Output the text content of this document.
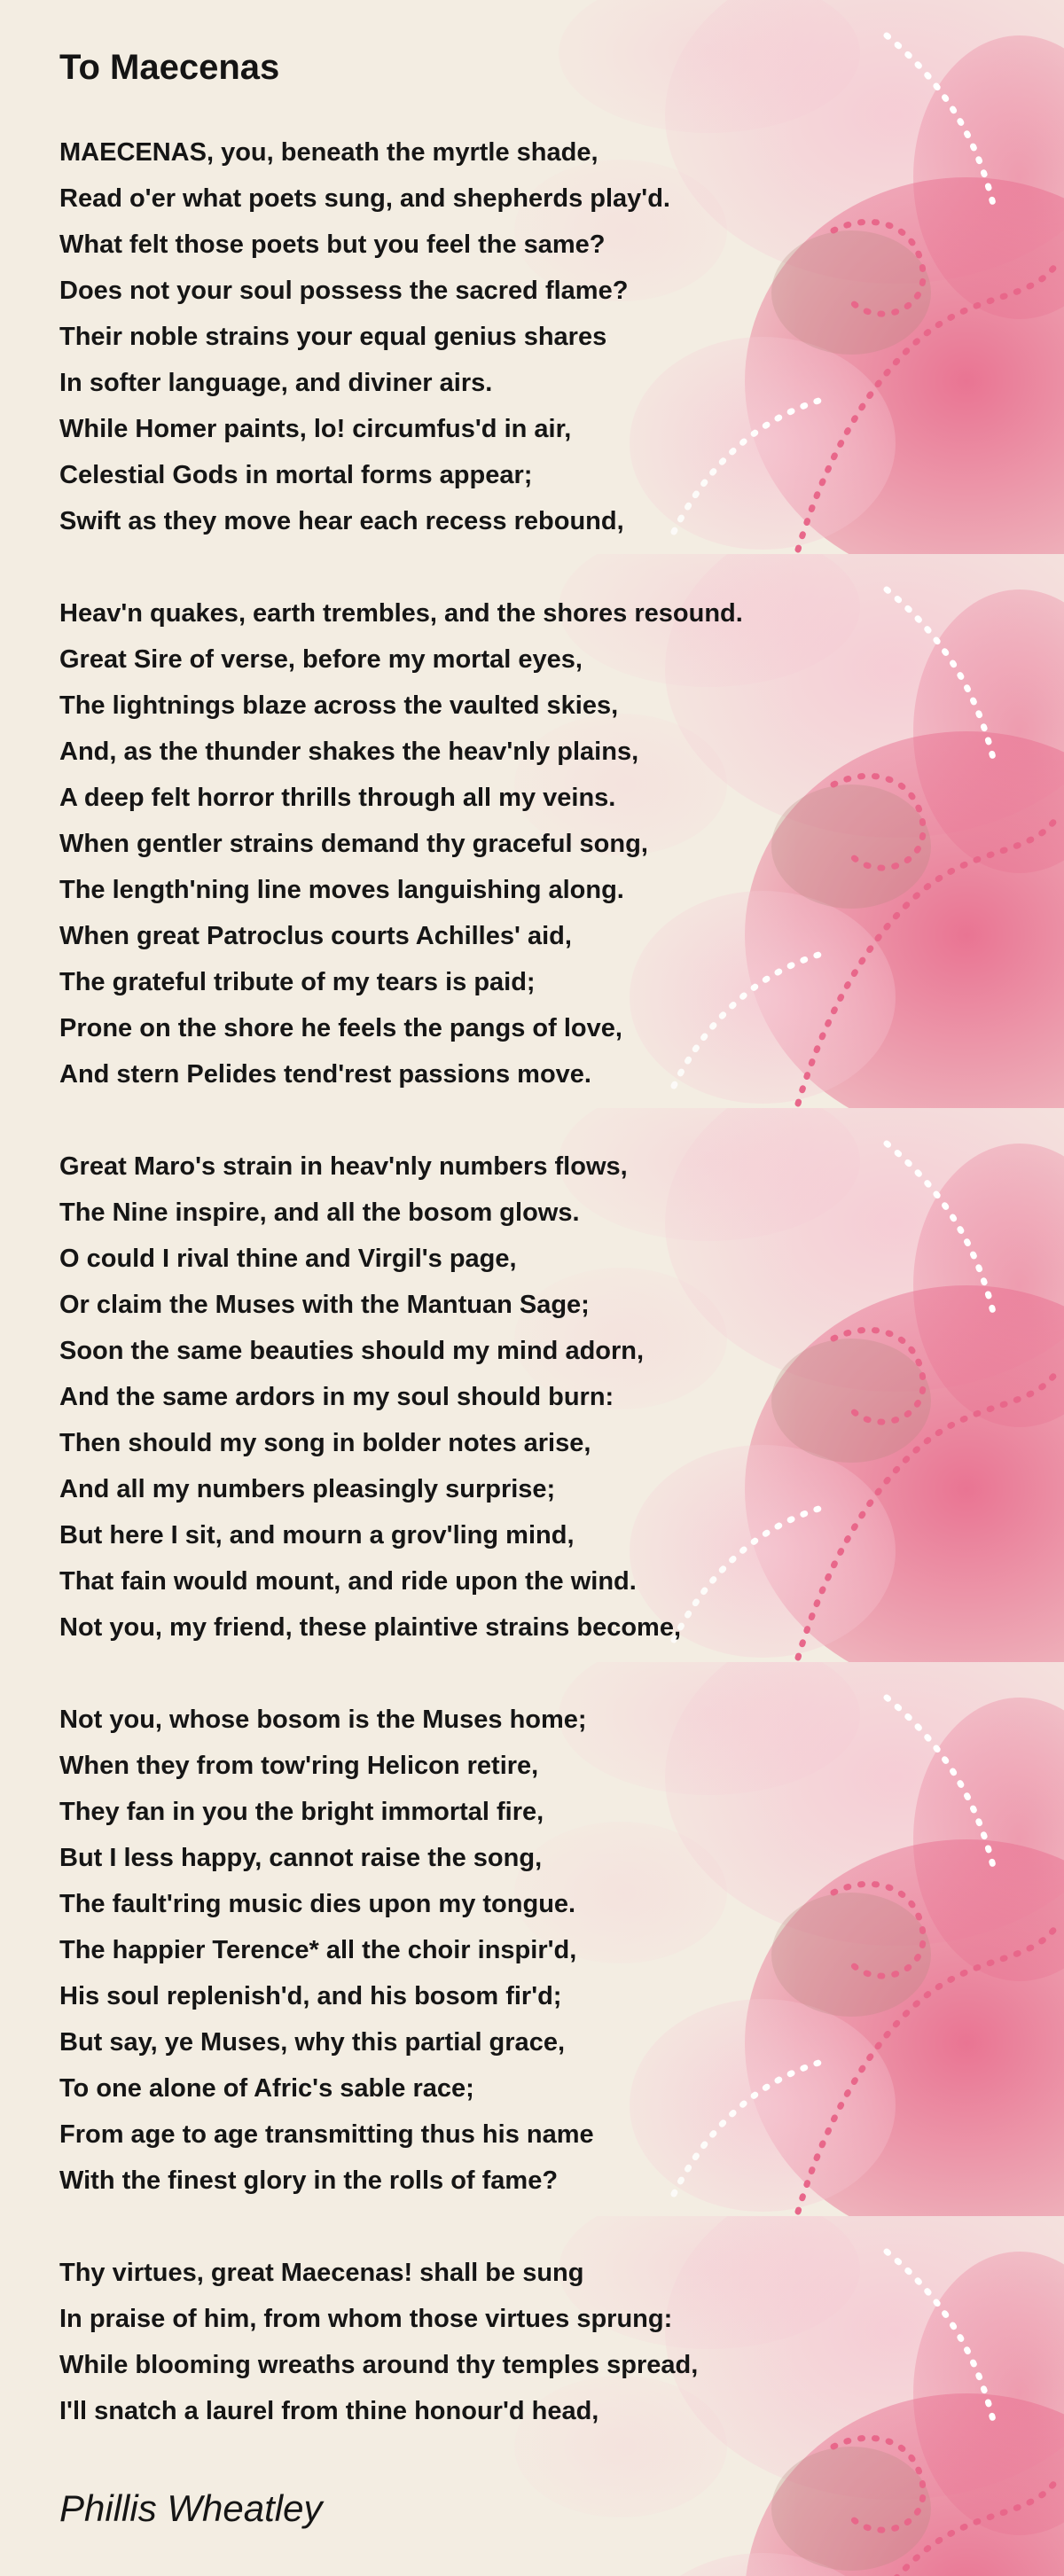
To Maecenas
MAECENAS, you, beneath the myrtle shade,
Read o'er what poets sung, and shepherds play'd.
What felt those poets but you feel the same?
Does not your soul possess the sacred flame?
Their noble strains your equal genius shares
In softer language, and diviner airs.
While Homer paints, lo! circumfus'd in air,
Celestial Gods in mortal forms appear;
Swift as they move hear each recess rebound,
Heav'n quakes, earth trembles, and the shores resound.
Great Sire of verse, before my mortal eyes,
The lightnings blaze across the vaulted skies,
And, as the thunder shakes the heav'nly plains,
A deep felt horror thrills through all my veins.
When gentler strains demand thy graceful song,
The length'ning line moves languishing along.
When great Patroclus courts Achilles' aid,
The grateful tribute of my tears is paid;
Prone on the shore he feels the pangs of love,
And stern Pelides tend'rest passions move.
Great Maro's strain in heav'nly numbers flows,
The Nine inspire, and all the bosom glows.
O could I rival thine and Virgil's page,
Or claim the Muses with the Mantuan Sage;
Soon the same beauties should my mind adorn,
And the same ardors in my soul should burn:
Then should my song in bolder notes arise,
And all my numbers pleasingly surprise;
But here I sit, and mourn a grov'ling mind,
That fain would mount, and ride upon the wind.
Not you, my friend, these plaintive strains become,
Not you, whose bosom is the Muses home;
When they from tow'ring Helicon retire,
They fan in you the bright immortal fire,
But I less happy, cannot raise the song,
The fault'ring music dies upon my tongue.
The happier Terence* all the choir inspir'd,
His soul replenish'd, and his bosom fir'd;
But say, ye Muses, why this partial grace,
To one alone of Afric's sable race;
From age to age transmitting thus his name
With the finest glory in the rolls of fame?
Thy virtues, great Maecenas! shall be sung
In praise of him, from whom those virtues sprung:
While blooming wreaths around thy temples spread,
I'll snatch a laurel from thine honour'd head,
Phillis Wheatley
